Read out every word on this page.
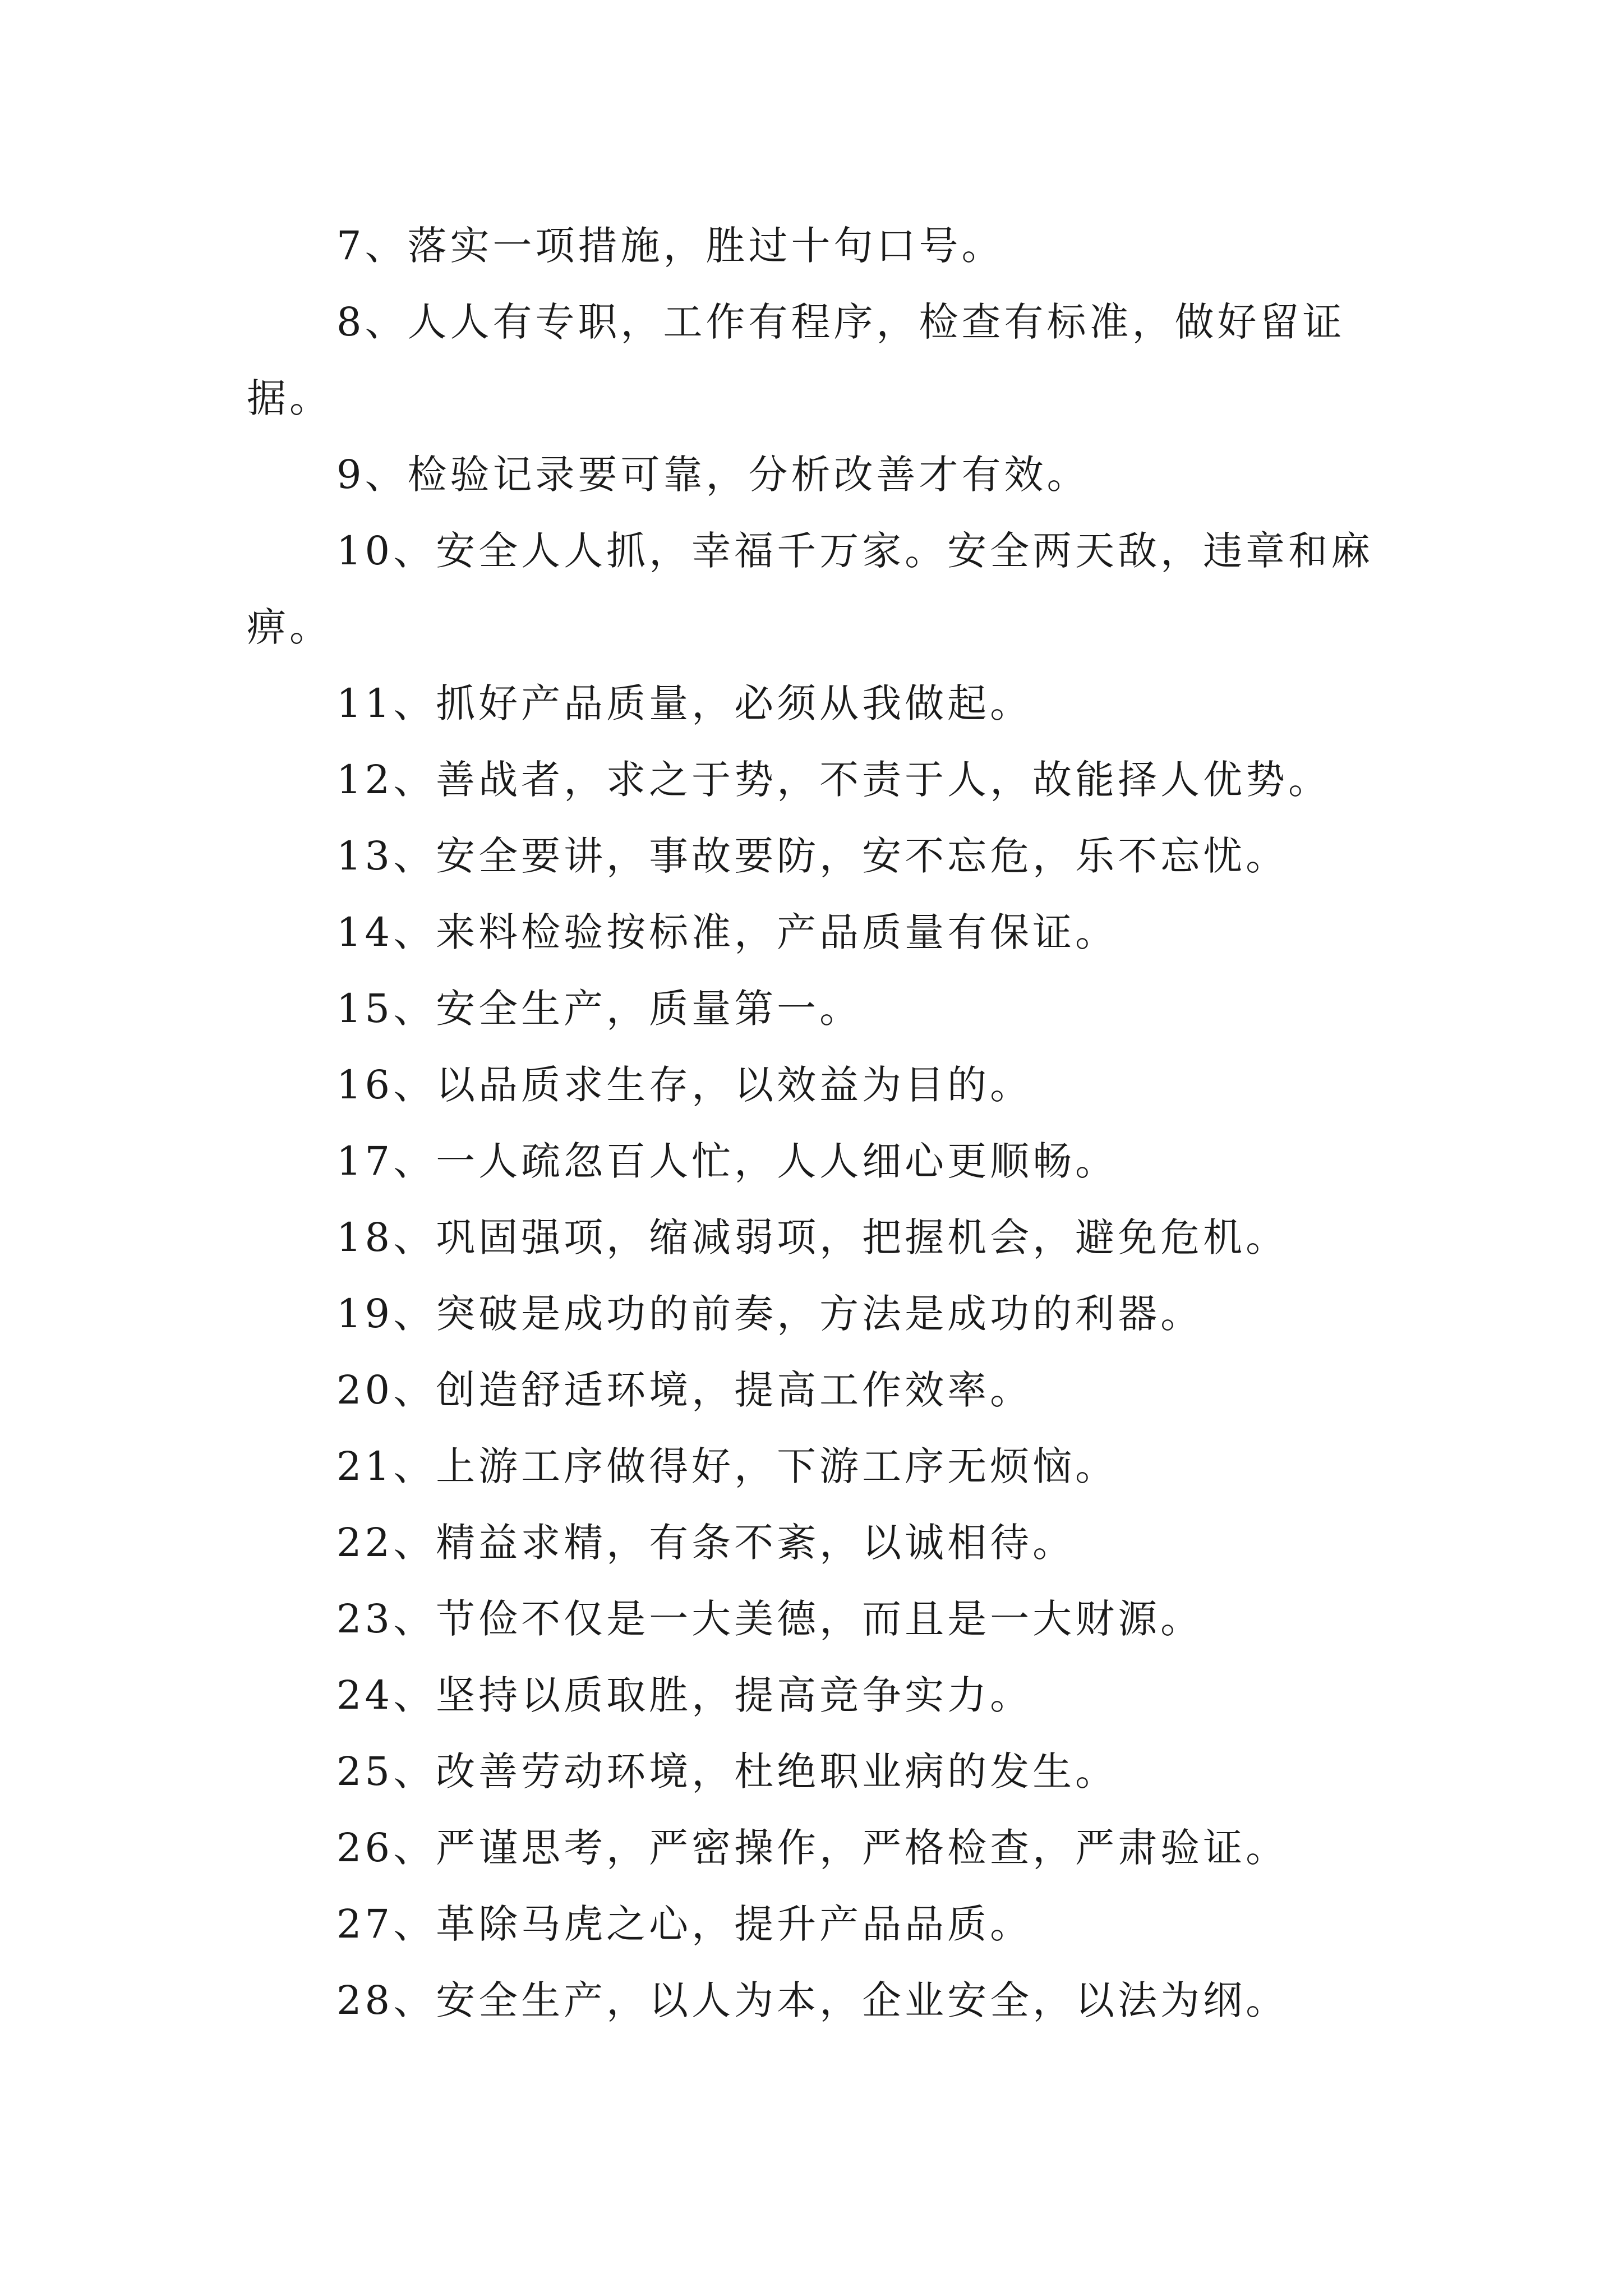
7、落实一项措施，胜过十句口号。

8、人人有专职，工作有程序，检查有标准，做好留证据。

9、检验记录要可靠，分析改善才有效。

10、安全人人抓，幸福千万家。安全两天敌，违章和麻痹。

11、抓好产品质量，必须从我做起。

12、善战者，求之于势，不责于人，故能择人优势。

13、安全要讲，事故要防，安不忘危，乐不忘忧。

14、来料检验按标准，产品质量有保证。

15、安全生产，质量第一。

16、以品质求生存，以效益为目的。

17、一人疏忽百人忙，人人细心更顺畅。

18、巩固强项，缩减弱项，把握机会，避免危机。

19、突破是成功的前奏，方法是成功的利器。

20、创造舒适环境，提高工作效率。

21、上游工序做得好，下游工序无烦恼。

22、精益求精，有条不紊，以诚相待。

23、节俭不仅是一大美德，而且是一大财源。

24、坚持以质取胜，提高竞争实力。

25、改善劳动环境，杜绝职业病的发生。

26、严谨思考，严密操作，严格检查，严肃验证。

27、革除马虎之心，提升产品品质。

28、安全生产，以人为本，企业安全，以法为纲。
